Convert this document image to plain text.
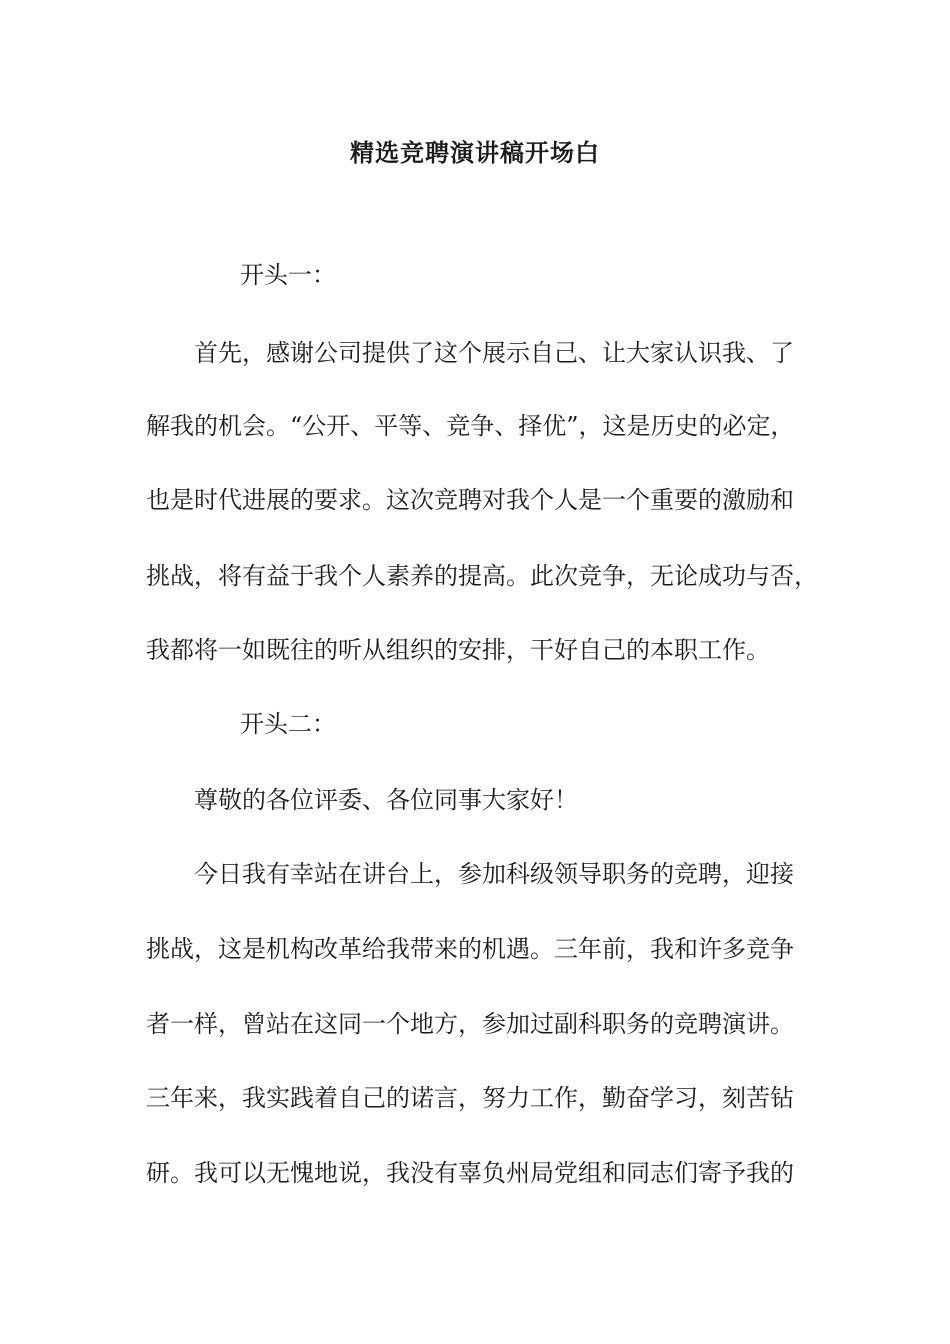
精选竞聘演讲稿开场白
开头一：
首先，感谢公司提供了这个展示自己、让大家认识我、了
解我的机会。“公开、平等、竞争、择优”，这是历史的必定，
也是时代进展的要求。这次竞聘对我个人是一个重要的激励和
挑战，将有益于我个人素养的提高。此次竞争，无论成功与否，
我都将一如既往的听从组织的安排，干好自己的本职工作。
开头二：
尊敬的各位评委、各位同事大家好！
今日我有幸站在讲台上，参加科级领导职务的竞聘，迎接
挑战，这是机构改革给我带来的机遇。三年前，我和许多竞争
者一样，曾站在这同一个地方，参加过副科职务的竞聘演讲。
三年来，我实践着自己的诺言，努力工作，勤奋学习，刻苦钻
研。我可以无愧地说，我没有辜负州局党组和同志们寄予我的
